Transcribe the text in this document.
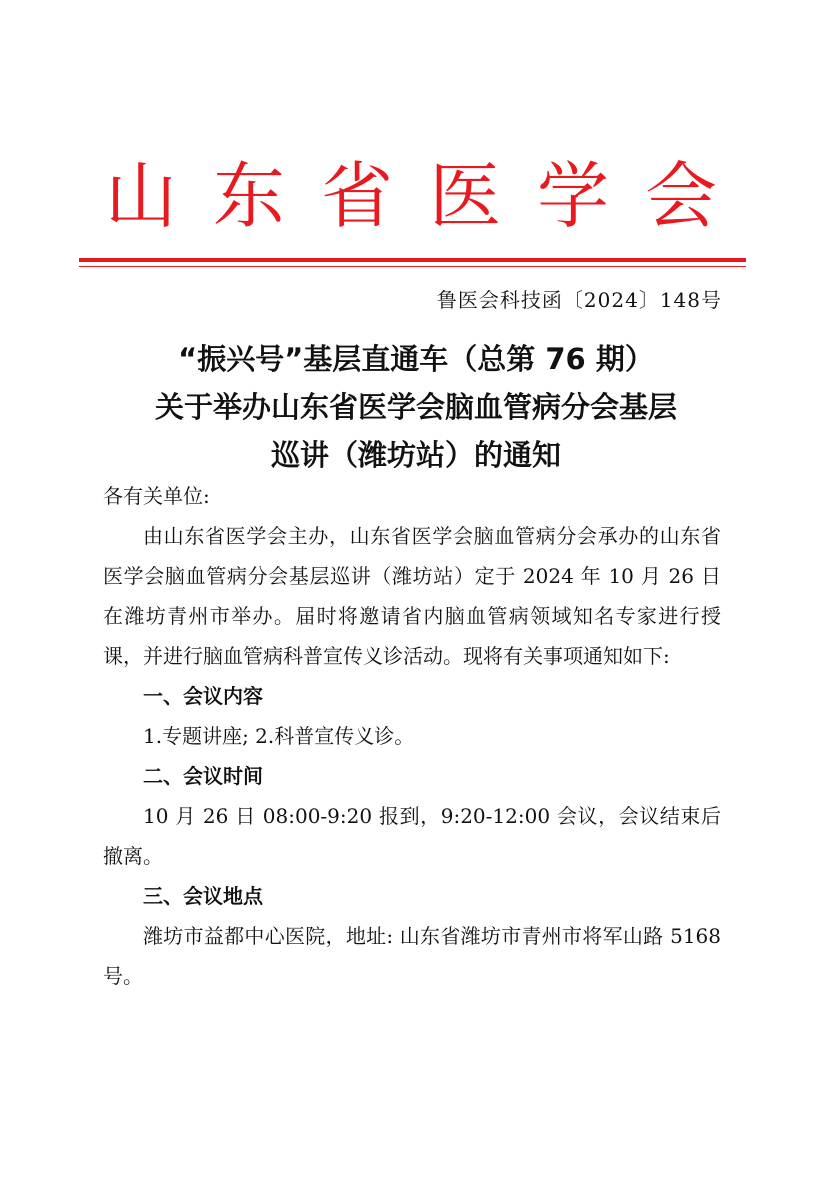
山东省医学会
鲁医会科技函〔2024〕148号
“振兴号”基层直通车（总第 76 期）
关于举办山东省医学会脑血管病分会基层
巡讲（潍坊站）的通知
各有关单位:
由山东省医学会主办，山东省医学会脑血管病分会承办的山东省医学会脑血管病分会基层巡讲（潍坊站）定于 2024 年 10 月 26 日在潍坊青州市举办。届时将邀请省内脑血管病领域知名专家进行授课，并进行脑血管病科普宣传义诊活动。现将有关事项通知如下:
一、会议内容
1.专题讲座; 2.科普宣传义诊。
二、会议时间
10 月 26 日 08:00-9:20 报到，9:20-12:00 会议，会议结束后撤离。
三、会议地点
潍坊市益都中心医院，地址: 山东省潍坊市青州市将军山路 5168 号。
